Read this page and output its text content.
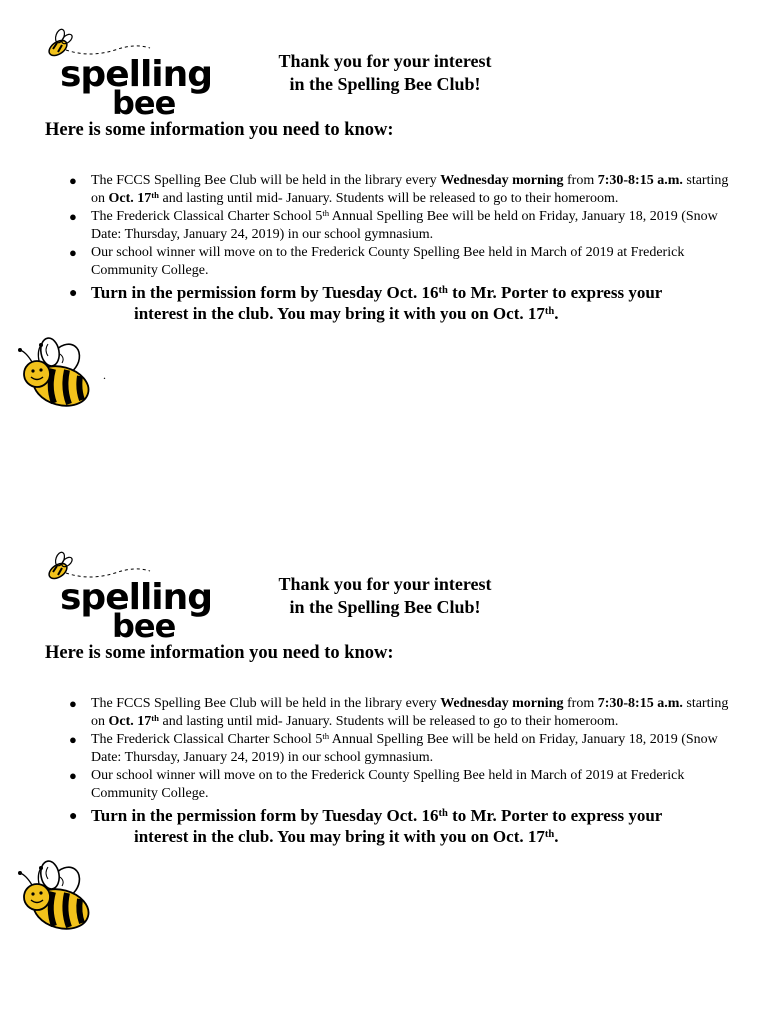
spelling
bee
Thank you for your interest
in the Spelling Bee Club!
Here is some information you need to know:
● The FCCS Spelling Bee Club will be held in the library every Wednesday morning from 7:30-8:15 a.m. starting on Oct. 17th and lasting until mid- January. Students will be released to go to their homeroom.
● The Frederick Classical Charter School 5th Annual Spelling Bee will be held on Friday, January 18, 2019 (Snow Date: Thursday, January 24, 2019) in our school gymnasium.
● Our school winner will move on to the Frederick County Spelling Bee held in March of 2019 at Frederick Community College.
● Turn in the permission form by Tuesday Oct. 16th to Mr. Porter to express your
interest in the club. You may bring it with you on Oct. 17th.
.
spelling
bee
Thank you for your interest
in the Spelling Bee Club!
Here is some information you need to know:
● The FCCS Spelling Bee Club will be held in the library every Wednesday morning from 7:30-8:15 a.m. starting on Oct. 17th and lasting until mid- January. Students will be released to go to their homeroom.
● The Frederick Classical Charter School 5th Annual Spelling Bee will be held on Friday, January 18, 2019 (Snow Date: Thursday, January 24, 2019) in our school gymnasium.
● Our school winner will move on to the Frederick County Spelling Bee held in March of 2019 at Frederick Community College.
● Turn in the permission form by Tuesday Oct. 16th to Mr. Porter to express your
interest in the club. You may bring it with you on Oct. 17th.
